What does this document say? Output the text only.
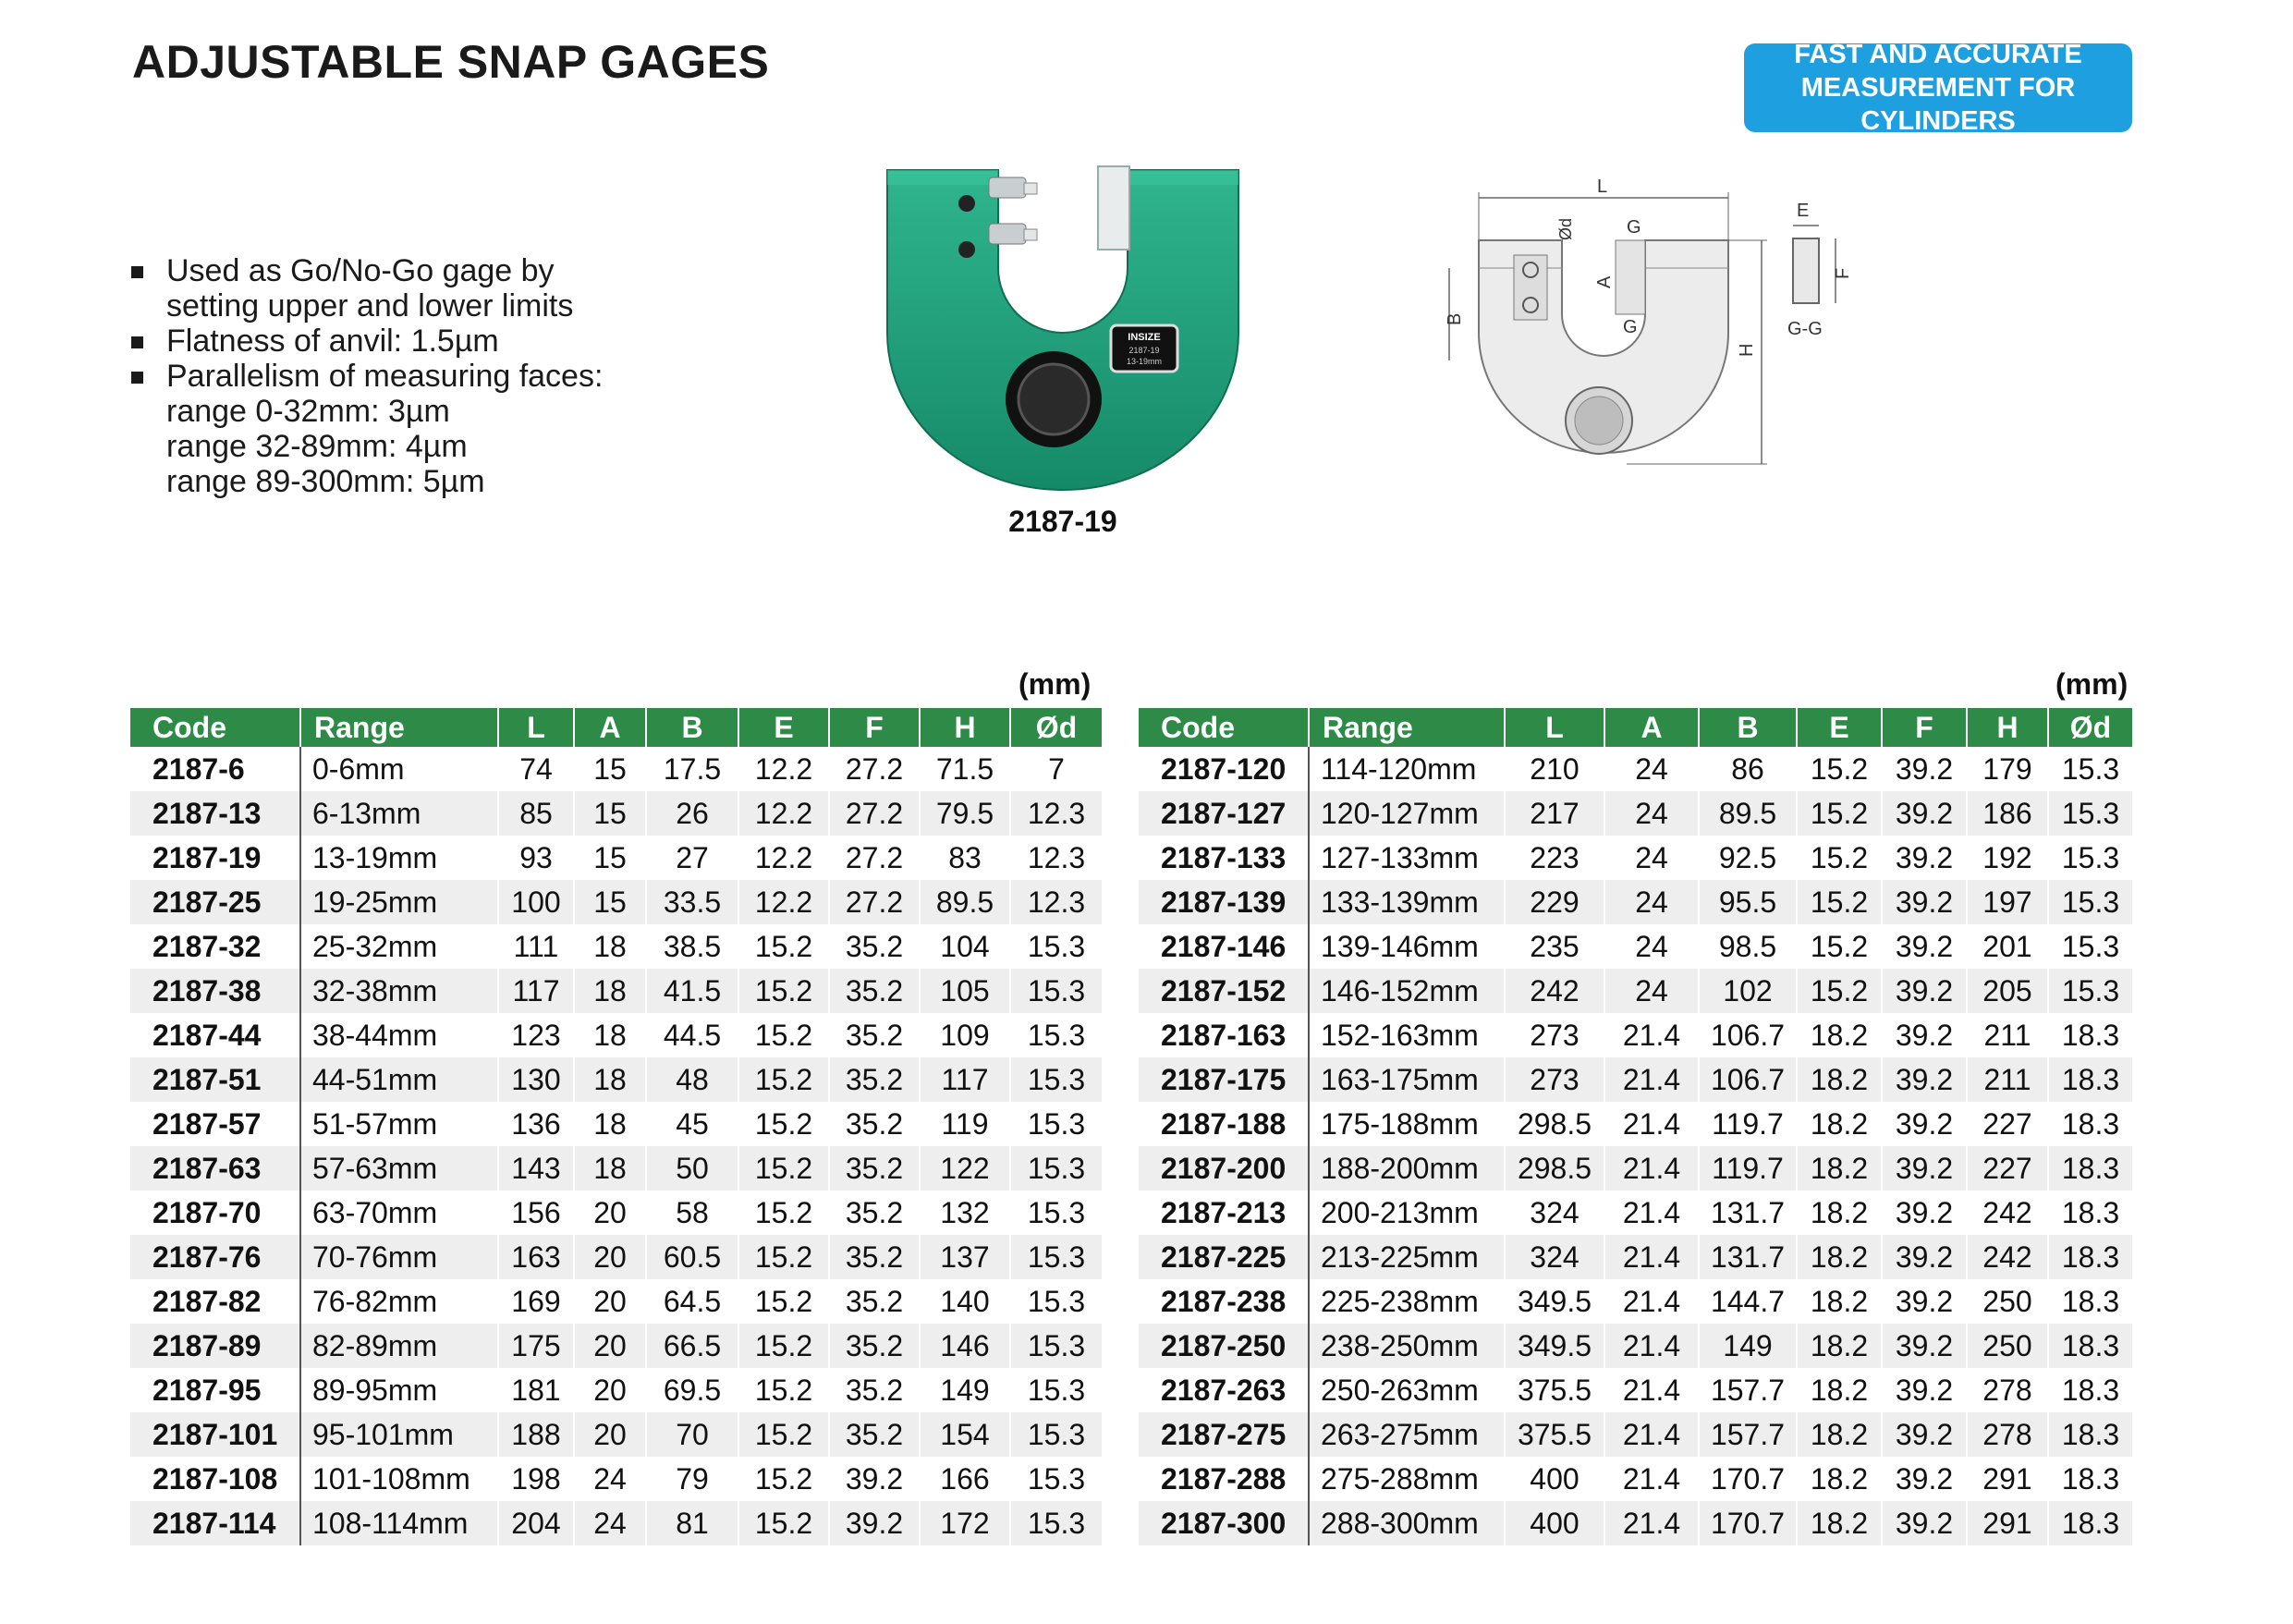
ADJUSTABLE SNAP GAGES	FAST AND ACCURATE
MEASUREMENT FOR CYLINDERS
Used as Go/No-Go gage by
setting upper and lower limits
Flatness of anvil: 1.5µm
Parallelism of measuring faces:
range 0-32mm: 3µm
range 32-89mm: 4µm
range 89-300mm: 5µm
INSIZE
2187-19
13-19mm
2187-19
L
Ød	G
G
A
B
H
E
F
G-G
(mm)	(mm)
Code	Range	L	A	B	E	F	H	Ød
2187-6	0-6mm	74	15	17.5	12.2	27.2	71.5	7
2187-13	6-13mm	85	15	26	12.2	27.2	79.5	12.3
2187-19	13-19mm	93	15	27	12.2	27.2	83	12.3
2187-25	19-25mm	100	15	33.5	12.2	27.2	89.5	12.3
2187-32	25-32mm	111	18	38.5	15.2	35.2	104	15.3
2187-38	32-38mm	117	18	41.5	15.2	35.2	105	15.3
2187-44	38-44mm	123	18	44.5	15.2	35.2	109	15.3
2187-51	44-51mm	130	18	48	15.2	35.2	117	15.3
2187-57	51-57mm	136	18	45	15.2	35.2	119	15.3
2187-63	57-63mm	143	18	50	15.2	35.2	122	15.3
2187-70	63-70mm	156	20	58	15.2	35.2	132	15.3
2187-76	70-76mm	163	20	60.5	15.2	35.2	137	15.3
2187-82	76-82mm	169	20	64.5	15.2	35.2	140	15.3
2187-89	82-89mm	175	20	66.5	15.2	35.2	146	15.3
2187-95	89-95mm	181	20	69.5	15.2	35.2	149	15.3
2187-101	95-101mm	188	20	70	15.2	35.2	154	15.3
2187-108	101-108mm	198	24	79	15.2	39.2	166	15.3
2187-114	108-114mm	204	24	81	15.2	39.2	172	15.3
Code	Range	L	A	B	E	F	H	Ød
2187-120	114-120mm	210	24	86	15.2	39.2	179	15.3
2187-127	120-127mm	217	24	89.5	15.2	39.2	186	15.3
2187-133	127-133mm	223	24	92.5	15.2	39.2	192	15.3
2187-139	133-139mm	229	24	95.5	15.2	39.2	197	15.3
2187-146	139-146mm	235	24	98.5	15.2	39.2	201	15.3
2187-152	146-152mm	242	24	102	15.2	39.2	205	15.3
2187-163	152-163mm	273	21.4	106.7	18.2	39.2	211	18.3
2187-175	163-175mm	273	21.4	106.7	18.2	39.2	211	18.3
2187-188	175-188mm	298.5	21.4	119.7	18.2	39.2	227	18.3
2187-200	188-200mm	298.5	21.4	119.7	18.2	39.2	227	18.3
2187-213	200-213mm	324	21.4	131.7	18.2	39.2	242	18.3
2187-225	213-225mm	324	21.4	131.7	18.2	39.2	242	18.3
2187-238	225-238mm	349.5	21.4	144.7	18.2	39.2	250	18.3
2187-250	238-250mm	349.5	21.4	149	18.2	39.2	250	18.3
2187-263	250-263mm	375.5	21.4	157.7	18.2	39.2	278	18.3
2187-275	263-275mm	375.5	21.4	157.7	18.2	39.2	278	18.3
2187-288	275-288mm	400	21.4	170.7	18.2	39.2	291	18.3
2187-300	288-300mm	400	21.4	170.7	18.2	39.2	291	18.3
